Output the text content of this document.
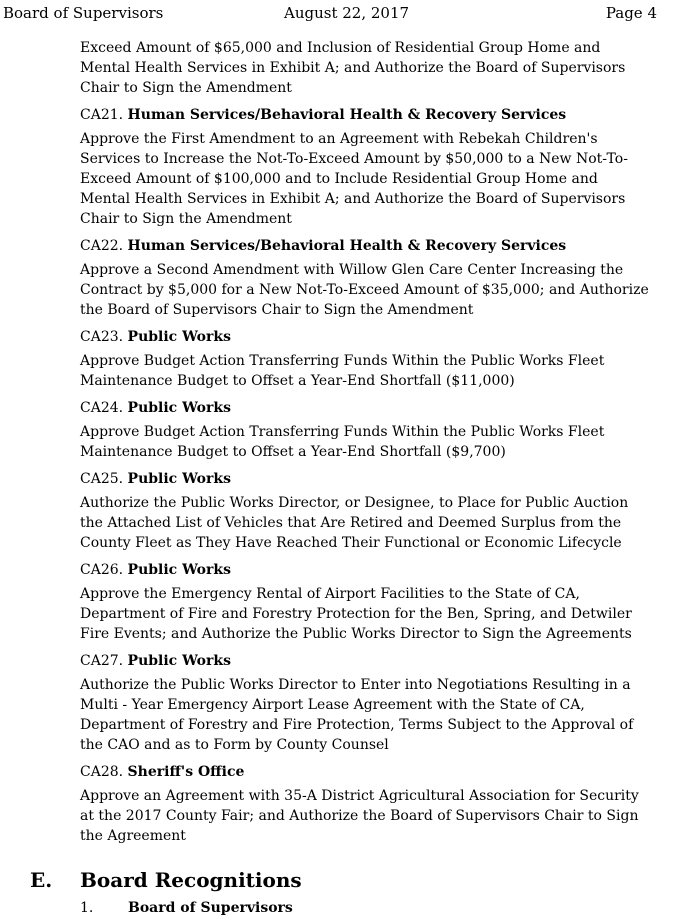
Board of Supervisors	August 22, 2017	Page 4
Exceed Amount of $65,000 and Inclusion of Residential Group Home and
Mental Health Services in Exhibit A; and Authorize the Board of Supervisors
Chair to Sign the Amendment
CA21. Human Services/Behavioral Health & Recovery Services
Approve the First Amendment to an Agreement with Rebekah Children's
Services to Increase the Not-To-Exceed Amount by $50,000 to a New Not-To-
Exceed Amount of $100,000 and to Include Residential Group Home and
Mental Health Services in Exhibit A; and Authorize the Board of Supervisors
Chair to Sign the Amendment
CA22. Human Services/Behavioral Health & Recovery Services
Approve a Second Amendment with Willow Glen Care Center Increasing the
Contract by $5,000 for a New Not-To-Exceed Amount of $35,000; and Authorize
the Board of Supervisors Chair to Sign the Amendment
CA23. Public Works
Approve Budget Action Transferring Funds Within the Public Works Fleet
Maintenance Budget to Offset a Year-End Shortfall ($11,000)
CA24. Public Works
Approve Budget Action Transferring Funds Within the Public Works Fleet
Maintenance Budget to Offset a Year-End Shortfall ($9,700)
CA25. Public Works
Authorize the Public Works Director, or Designee, to Place for Public Auction
the Attached List of Vehicles that Are Retired and Deemed Surplus from the
County Fleet as They Have Reached Their Functional or Economic Lifecycle
CA26. Public Works
Approve the Emergency Rental of Airport Facilities to the State of CA,
Department of Fire and Forestry Protection for the Ben, Spring, and Detwiler
Fire Events; and Authorize the Public Works Director to Sign the Agreements
CA27. Public Works
Authorize the Public Works Director to Enter into Negotiations Resulting in a
Multi - Year Emergency Airport Lease Agreement with the State of CA,
Department of Forestry and Fire Protection, Terms Subject to the Approval of
the CAO and as to Form by County Counsel
CA28. Sheriff's Office
Approve an Agreement with 35-A District Agricultural Association for Security
at the 2017 County Fair; and Authorize the Board of Supervisors Chair to Sign
the Agreement
E. Board Recognitions
1. Board of Supervisors
